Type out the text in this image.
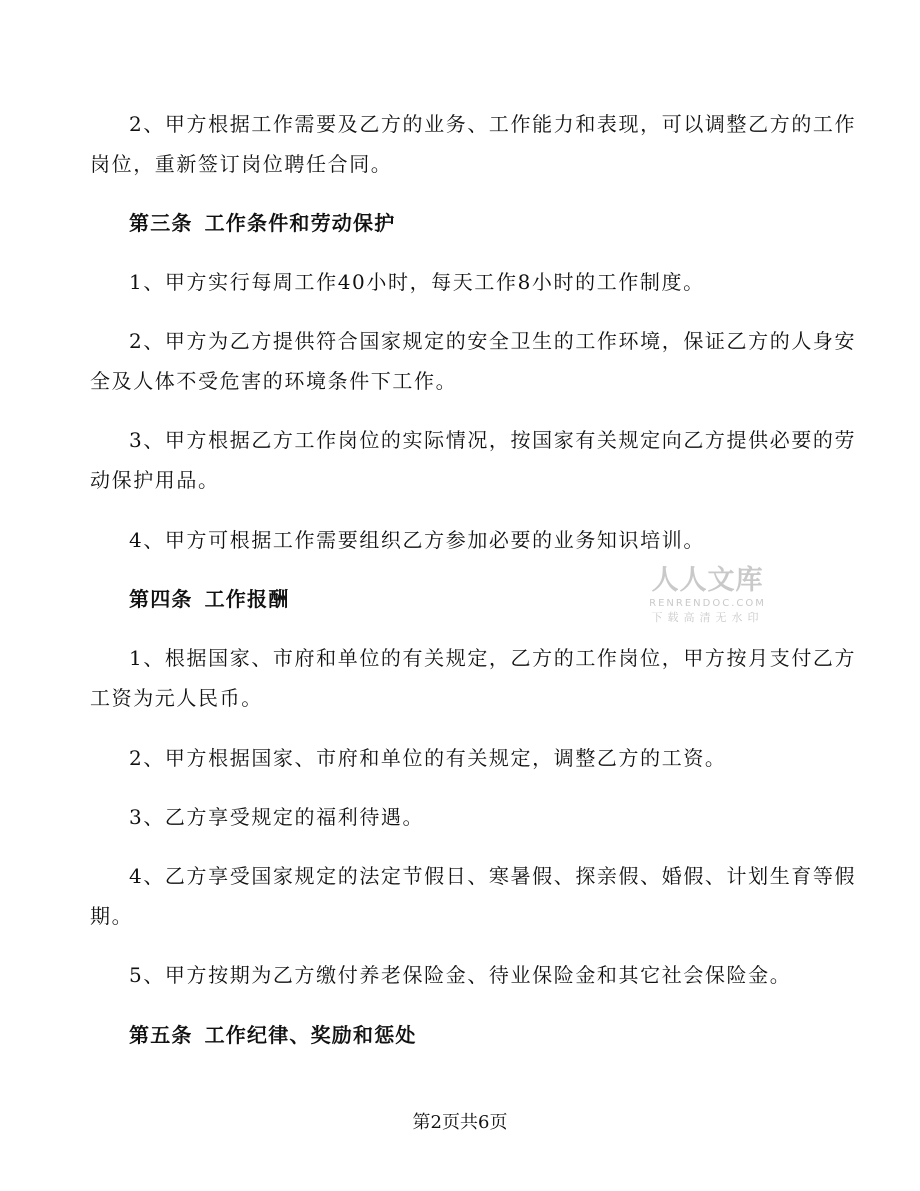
2、甲方根据工作需要及乙方的业务、工作能力和表现，可以调整乙方的工作
岗位，重新签订岗位聘任合同。
第三条 工作条件和劳动保护
1、甲方实行每周工作40小时，每天工作8小时的工作制度。
2、甲方为乙方提供符合国家规定的安全卫生的工作环境，保证乙方的人身安
全及人体不受危害的环境条件下工作。
3、甲方根据乙方工作岗位的实际情况，按国家有关规定向乙方提供必要的劳
动保护用品。
4、甲方可根据工作需要组织乙方参加必要的业务知识培训。
第四条 工作报酬
1、根据国家、市府和单位的有关规定，乙方的工作岗位，甲方按月支付乙方
工资为元人民币。
2、甲方根据国家、市府和单位的有关规定，调整乙方的工资。
3、乙方享受规定的福利待遇。
4、乙方享受国家规定的法定节假日、寒暑假、探亲假、婚假、计划生育等假
期。
5、甲方按期为乙方缴付养老保险金、待业保险金和其它社会保险金。
第五条 工作纪律、奖励和惩处
人人文库
RENRENDOC.COM
下载高清无水印
第2页共6页
